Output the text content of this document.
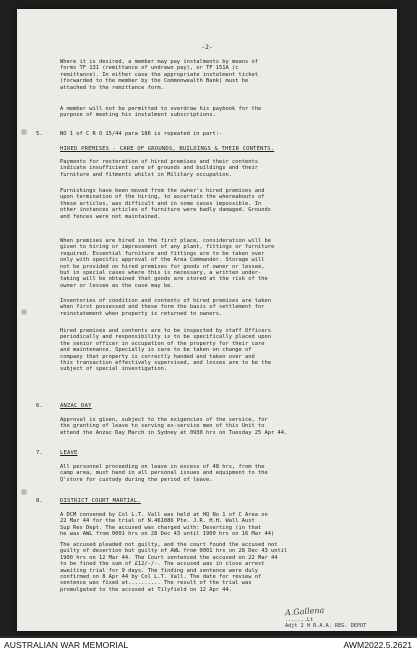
-2-
Where it is desired, a member may pay instalments by means of
forms TF 131 (remittance of undrawn pay), or TF 151A (c
remittance). In either case the appropriate instalment ticket
(forwarded to the member by the Commonwealth Bank) must be
attached to the remittance form.
A member will not be permitted to overdraw his paybook for the
purpose of meeting his instalment subscriptions.
5.	NO 1 of C R O 15/44 para 186 is repeated in part:-
HIRED PREMISES - CARE OF GROUNDS, BUILDINGS & THEIR CONTENTS.
Payments for restoration of hired premises and their contents
indicate insufficient care of grounds and buildings and their
furniture and fitments whilst in Military occupation.
Furnishings have been moved from the owner's hired premises and
upon termination of the hiring, to ascertain the whereabouts of
these articles, was difficult and in some cases impossible. In
other instances articles of furniture were badly damaged. Grounds
and fences were not maintained.
When premises are hired in the first place, consideration will be
given to hiring or impressment of any plant, fittings or furniture
required. Essential furniture and fittings are to be taken over
only with specific approval of the Area Commander. Storage will
not be provided on hired premises for goods of owner or lessee,
but in special cases where this is necessary, a written under-
taking will be obtained that goods are stored at the risk of the
owner or lessee as the case may be.
Inventories of condition and contents of hired premises are taken
when first possessed and these form the basis of settlement for
reinstatement when property is returned to owners.
Hired premises and contents are to be inspected by staff Officers
periodically and responsibility is to be specifically placed upon
the senior officer in occupation of the property for their care
and maintenance. Specially is care to be taken on change of
company that property is correctly handed and taken over and
this transaction effectively supervised, and losses are to be the
subject of special investigation.
6.	ANZAC DAY
Approval is given, subject to the exigencies of the service, for
the granting of leave to serving ex-service men of this Unit to
attend the Anzac Day March in Sydney at 0930 hrs on Tuesday 25 Apr 44.
7.	LEAVE
All personnel proceeding on leave in excess of 48 hrs, from the
camp area, must hand in all personal issues and equipment to the
Q'store for custody during the period of leave.
8.	DISTRICT COURT MARTIAL.
A DCM convened by Col L.T. Vall was held at HQ No 1 of C Area on
22 Mar 44 for the trial of N.461086 Pte. J.R. H.H. Wall Aust
Sup Res Dept. The accused was charged with: Deserting (in that
he was AWL from 0001 hrs on 28 Dec 43 until 1900 hrs on 16 Mar 44)
The accused pleaded not guilty, and the court found the accused not
guilty of desertion but guilty of AWL from 0001 hrs on 28 Dec 43 until
1900 hrs on 12 Mar 44. The Court sentenced the accused on 22 Mar 44
to be fined the sum of £12/-/-. The accused was in close arrest
awaiting trial for 9 days. The finding and sentence were duly
confirmed on 8 Apr 44 by Col L.T. Vall. The date for review of
sentence was fixed at.......... The result of the trial was
promulgated to the accused at Tilyfield on 12 Apr 44.
A.Gallena
.......Lt
Adjt 2 H R.A.A. REG. DEPOT
AUSTRALIAN WAR MEMORIAL	AWM2022.5.2621
